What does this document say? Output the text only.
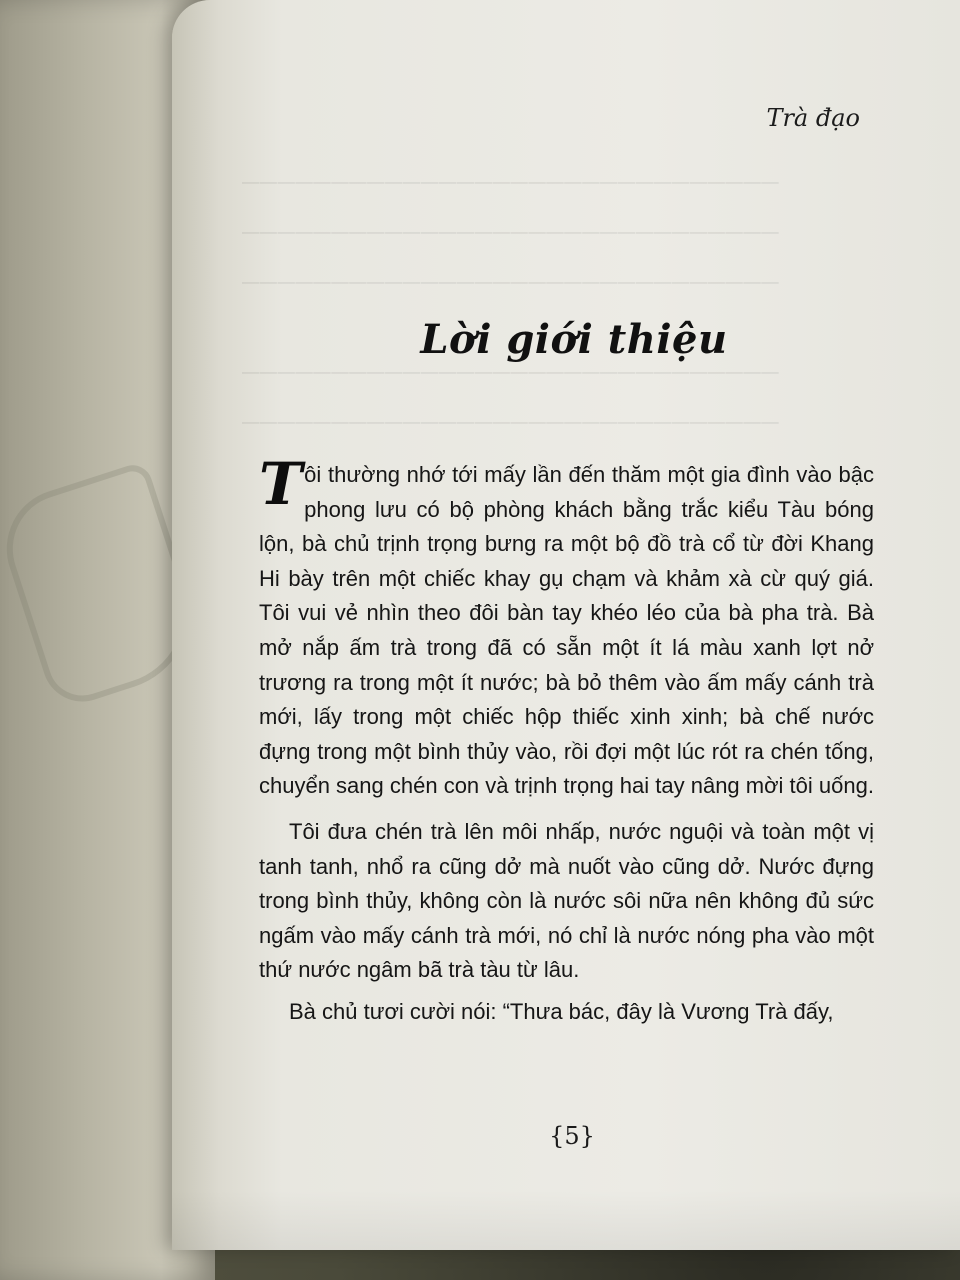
▔▔▔▔▔▔▔▔▔▔▔▔▔▔▔▔▔▔▔▔▔▔▔▔▔▔▔▔▔▔
▔▔▔▔▔▔▔▔▔▔▔▔▔▔▔▔▔▔▔▔▔▔▔▔▔▔▔▔▔▔
▔▔▔▔▔▔▔▔▔▔▔▔▔▔▔▔▔▔▔▔▔▔▔▔▔▔▔▔▔▔
▔▔▔▔▔▔▔▔▔▔▔▔▔▔▔▔▔▔▔▔▔▔▔▔▔▔▔▔▔▔
▔▔▔▔▔▔▔▔▔▔▔▔▔▔▔▔▔▔▔▔▔▔▔▔▔▔▔▔▔▔
Trà đạo
Lời giới thiệu

Tôi thường nhớ tới mấy lần đến thăm một gia đình vào bậc phong lưu có bộ phòng khách bằng trắc kiểu Tàu bóng lộn, bà chủ trịnh trọng bưng ra một bộ đồ trà cổ từ đời Khang Hi bày trên một chiếc khay gụ chạm và khảm xà cừ quý giá. Tôi vui vẻ nhìn theo đôi bàn tay khéo léo của bà pha trà. Bà mở nắp ấm trà trong đã có sẵn một ít lá màu xanh lợt nở trương ra trong một ít nước; bà bỏ thêm vào ấm mấy cánh trà mới, lấy trong một chiếc hộp thiếc xinh xinh; bà chế nước đựng trong một bình thủy vào, rồi đợi một lúc rót ra chén tống, chuyển sang chén con và trịnh trọng hai tay nâng mời tôi uống.

Tôi đưa chén trà lên môi nhấp, nước nguội và toàn một vị tanh tanh, nhổ ra cũng dở mà nuốt vào cũng dở. Nước đựng trong bình thủy, không còn là nước sôi nữa nên không đủ sức ngấm vào mấy cánh trà mới, nó chỉ là nước nóng pha vào một thứ nước ngâm bã trà tàu từ lâu.

Bà chủ tươi cười nói: “Thưa bác, đây là Vương Trà đấy,

{5}
